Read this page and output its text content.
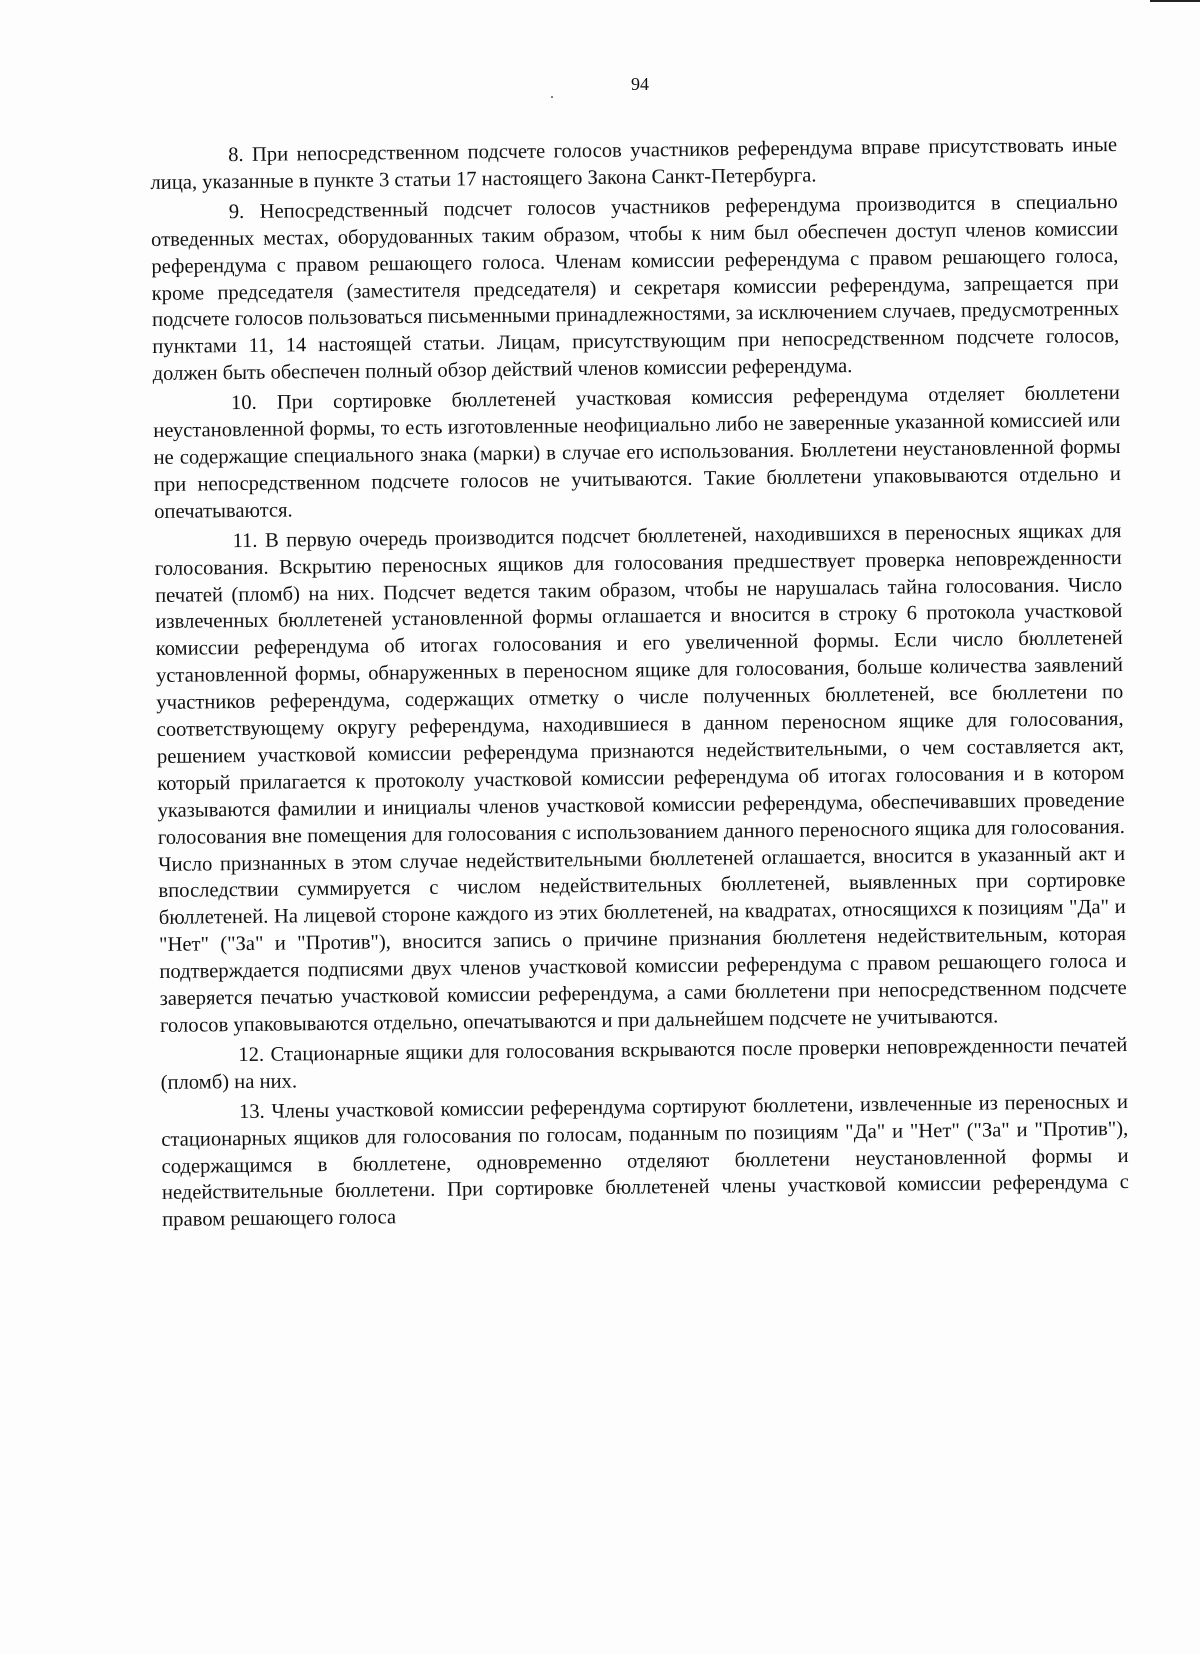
94

8. При непосредственном подсчете голосов участников референдума вправе присутствовать иные лица, указанные в пункте 3 статьи 17 настоящего Закона Санкт-Петербурга.

9. Непосредственный подсчет голосов участников референдума производится в специально отведенных местах, оборудованных таким образом, чтобы к ним был обеспечен доступ членов комиссии референдума с правом решающего голоса. Членам комиссии референдума с правом решающего голоса, кроме председателя (заместителя председателя) и секретаря комиссии референдума, запрещается при подсчете голосов пользоваться письменными принадлежностями, за исключением случаев, предусмотренных пунктами 11, 14 настоящей статьи. Лицам, присутствующим при непосредственном подсчете голосов, должен быть обеспечен полный обзор действий членов комиссии референдума.

10. При сортировке бюллетеней участковая комиссия референдума отделяет бюллетени неустановленной формы, то есть изготовленные неофициально либо не заверенные указанной комиссией или не содержащие специального знака (марки) в случае его использования. Бюллетени неустановленной формы при непосредственном подсчете голосов не учитываются. Такие бюллетени упаковываются отдельно и опечатываются.

11. В первую очередь производится подсчет бюллетеней, находившихся в переносных ящиках для голосования. Вскрытию переносных ящиков для голосования предшествует проверка неповрежденности печатей (пломб) на них. Подсчет ведется таким образом, чтобы не нарушалась тайна голосования. Число извлеченных бюллетеней установленной формы оглашается и вносится в строку 6 протокола участковой комиссии референдума об итогах голосования и его увеличенной формы. Если число бюллетеней установленной формы, обнаруженных в переносном ящике для голосования, больше количества заявлений участников референдума, содержащих отметку о числе полученных бюллетеней, все бюллетени по соответствующему округу референдума, находившиеся в данном переносном ящике для голосования, решением участковой комиссии референдума признаются недействительными, о чем составляется акт, который прилагается к протоколу участковой комиссии референдума об итогах голосования и в котором указываются фамилии и инициалы членов участковой комиссии референдума, обеспечивавших проведение голосования вне помещения для голосования с использованием данного переносного ящика для голосования. Число признанных в этом случае недействительными бюллетеней оглашается, вносится в указанный акт и впоследствии суммируется с числом недействительных бюллетеней, выявленных при сортировке бюллетеней. На лицевой стороне каждого из этих бюллетеней, на квадратах, относящихся к позициям "Да" и "Нет" ("За" и "Против"), вносится запись о причине признания бюллетеня недействительным, которая подтверждается подписями двух членов участковой комиссии референдума с правом решающего голоса и заверяется печатью участковой комиссии референдума, а сами бюллетени при непосредственном подсчете голосов упаковываются отдельно, опечатываются и при дальнейшем подсчете не учитываются.

12. Стационарные ящики для голосования вскрываются после проверки неповрежденности печатей (пломб) на них.

13. Члены участковой комиссии референдума сортируют бюллетени, извлеченные из переносных и стационарных ящиков для голосования по голосам, поданным по позициям "Да" и "Нет" ("За" и "Против"), содержащимся в бюллетене, одновременно отделяют бюллетени неустановленной формы и недействительные бюллетени. При сортировке бюллетеней члены участковой комиссии референдума с правом решающего голоса
